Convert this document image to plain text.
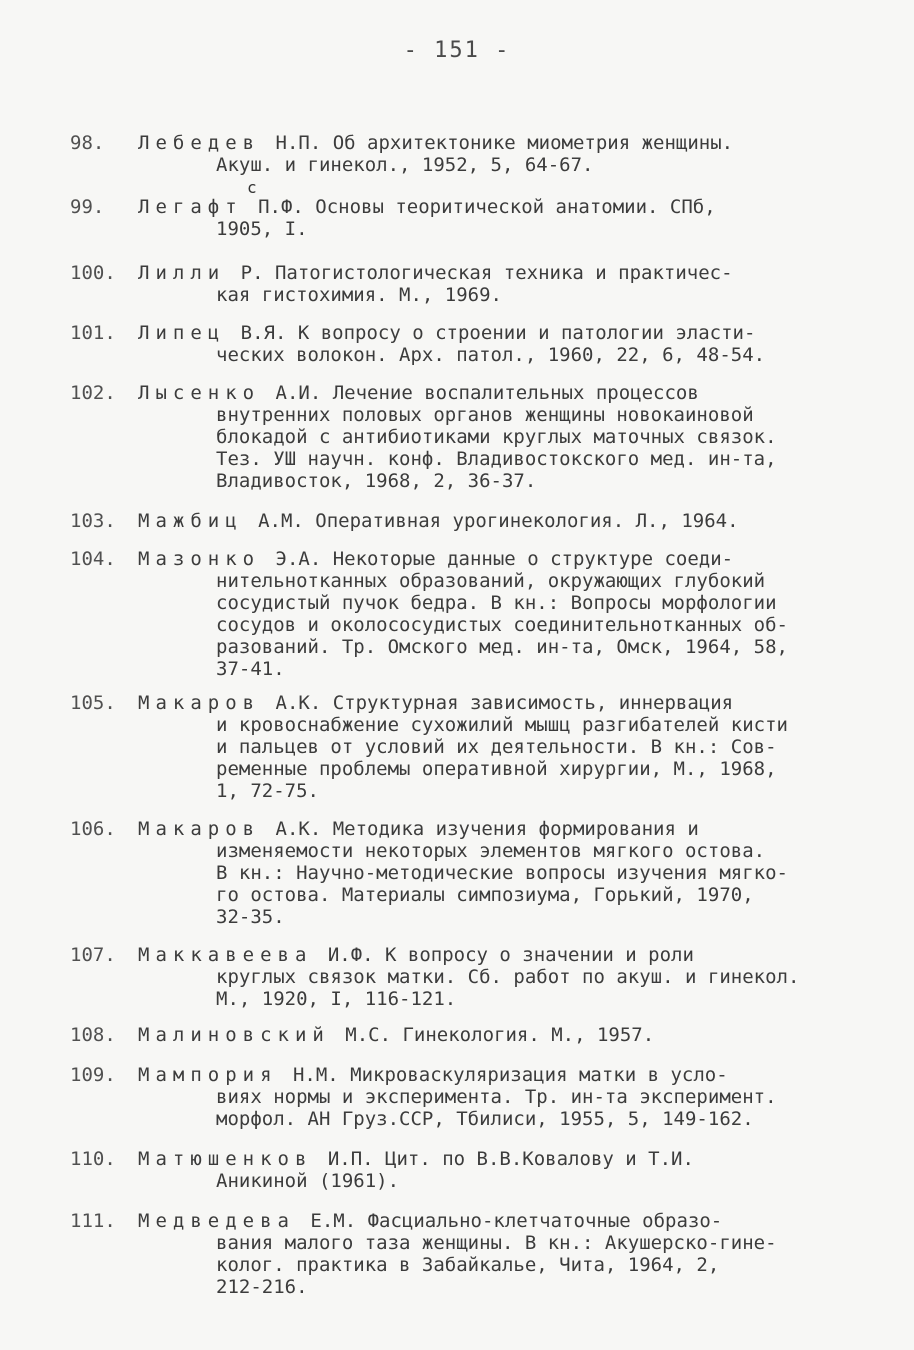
- 151 -
98.	Лебедев Н.П. Об архитектонике миометрия женщины.
Акуш. и гинекол., 1952, 5, 64-67.
99.	Легафт П.Ф. Основы теоритической анатомии. СПб,
1905, I.
с
100.	Лилли Р. Патогистологическая техника и практичес-
кая гистохимия. М., 1969.
101.	Липец В.Я. К вопросу о строении и патологии эласти-
ческих волокон. Арх. патол., 1960, 22, 6, 48-54.
102.	Лысенко А.И. Лечение воспалительных процессов
внутренних половых органов женщины новокаиновой
блокадой с антибиотиками круглых маточных связок.
Тез. УШ научн. конф. Владивостокского мед. ин-та,
Владивосток, 1968, 2, 36-37.
103.	Мажбиц А.М. Оперативная урогинекология. Л., 1964.
104.	Мазонко Э.А. Некоторые данные о структуре соеди-
нительнотканных образований, окружающих глубокий
сосудистый пучок бедра. В кн.: Вопросы морфологии
сосудов и околососудистых соединительнотканных об-
разований. Тр. Омского мед. ин-та, Омск, 1964, 58,
37-41.
105.	Макаров А.К. Структурная зависимость, иннервация
и кровоснабжение сухожилий мышц разгибателей кисти
и пальцев от условий их деятельности. В кн.: Сов-
ременные проблемы оперативной хирургии, М., 1968,
1, 72-75.
106.	Макаров А.К. Методика изучения формирования и
изменяемости некоторых элементов мягкого остова.
В кн.: Научно-методические вопросы изучения мягко-
го остова. Материалы симпозиума, Горький, 1970,
32-35.
107.	Маккавеева И.Ф. К вопросу о значении и роли
круглых связок матки. Сб. работ по акуш. и гинекол.
М., 1920, I, 116-121.
108.	Малиновский М.С. Гинекология. М., 1957.
109.	Мампория Н.М. Микроваскуляризация матки в усло-
виях нормы и эксперимента. Тр. ин-та эксперимент.
морфол. АН Груз.ССР, Тбилиси, 1955, 5, 149-162.
110.	Матюшенков И.П. Цит. по В.В.Ковалову и Т.И.
Аникиной (1961).
111.	Медведева Е.М. Фасциально-клетчаточные образо-
вания малого таза женщины. В кн.: Акушерско-гине-
колог. практика в Забайкалье, Чита, 1964, 2,
212-216.
